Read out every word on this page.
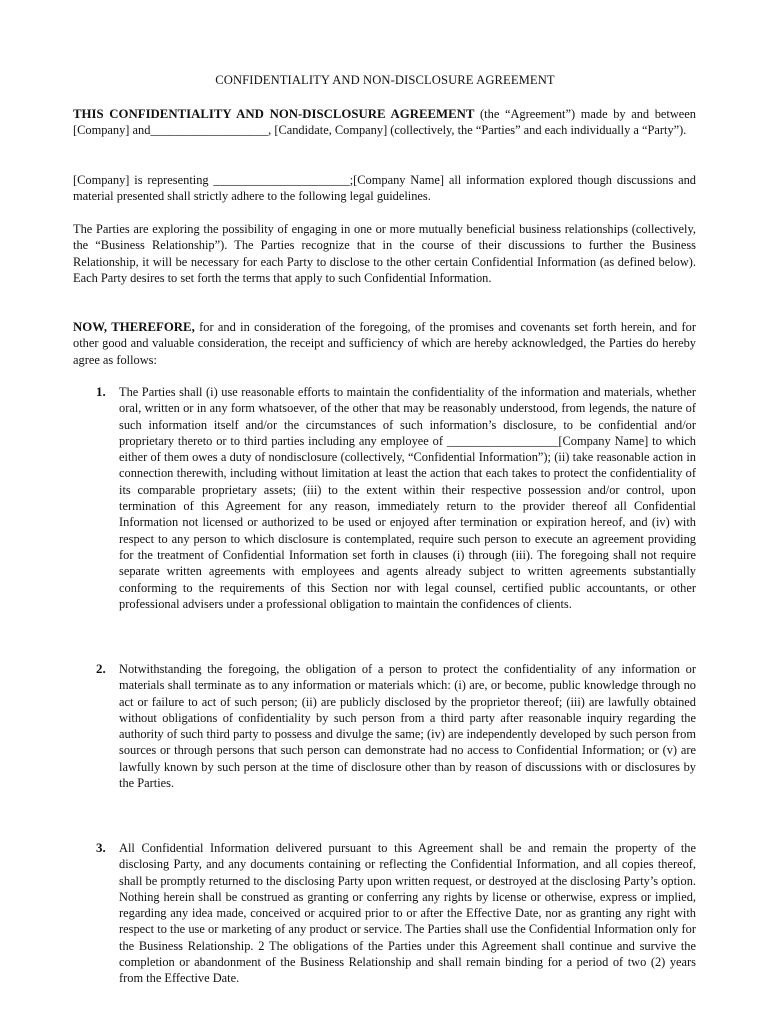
CONFIDENTIALITY AND NON-DISCLOSURE AGREEMENT

THIS CONFIDENTIALITY AND NON-DISCLOSURE AGREEMENT (the “Agreement”) made by and between [Company] and___________________, [Candidate, Company] (collectively, the “Parties” and each individually a “Party”).

[Company] is representing ______________________;[Company Name] all information explored though discussions and material presented shall strictly adhere to the following legal guidelines.

The Parties are exploring the possibility of engaging in one or more mutually beneficial business relationships (collectively, the “Business Relationship”). The Parties recognize that in the course of their discussions to further the Business Relationship, it will be necessary for each Party to disclose to the other certain Confidential Information (as defined below). Each Party desires to set forth the terms that apply to such Confidential Information.

NOW, THEREFORE, for and in consideration of the foregoing, of the promises and covenants set forth herein, and for other good and valuable consideration, the receipt and sufficiency of which are hereby acknowledged, the Parties do hereby agree as follows:

1. The Parties shall (i) use reasonable efforts to maintain the confidentiality of the information and materials, whether oral, written or in any form whatsoever, of the other that may be reasonably understood, from legends, the nature of such information itself and/or the circumstances of such information’s disclosure, to be confidential and/or proprietary thereto or to third parties including any employee of __________________[Company Name] to which either of them owes a duty of nondisclosure (collectively, “Confidential Information”); (ii) take reasonable action in connection therewith, including without limitation at least the action that each takes to protect the confidentiality of its comparable proprietary assets; (iii) to the extent within their respective possession and/or control, upon termination of this Agreement for any reason, immediately return to the provider thereof all Confidential Information not licensed or authorized to be used or enjoyed after termination or expiration hereof, and (iv) with respect to any person to which disclosure is contemplated, require such person to execute an agreement providing for the treatment of Confidential Information set forth in clauses (i) through (iii). The foregoing shall not require separate written agreements with employees and agents already subject to written agreements substantially conforming to the requirements of this Section nor with legal counsel, certified public accountants, or other professional advisers under a professional obligation to maintain the confidences of clients.
2. Notwithstanding the foregoing, the obligation of a person to protect the confidentiality of any information or materials shall terminate as to any information or materials which: (i) are, or become, public knowledge through no act or failure to act of such person; (ii) are publicly disclosed by the proprietor thereof; (iii) are lawfully obtained without obligations of confidentiality by such person from a third party after reasonable inquiry regarding the authority of such third party to possess and divulge the same; (iv) are independently developed by such person from sources or through persons that such person can demonstrate had no access to Confidential Information; or (v) are lawfully known by such person at the time of disclosure other than by reason of discussions with or disclosures by the Parties.
3. All Confidential Information delivered pursuant to this Agreement shall be and remain the property of the disclosing Party, and any documents containing or reflecting the Confidential Information, and all copies thereof, shall be promptly returned to the disclosing Party upon written request, or destroyed at the disclosing Party’s option. Nothing herein shall be construed as granting or conferring any rights by license or otherwise, express or implied, regarding any idea made, conceived or acquired prior to or after the Effective Date, nor as granting any right with respect to the use or marketing of any product or service. The Parties shall use the Confidential Information only for the Business Relationship. 2 The obligations of the Parties under this Agreement shall continue and survive the completion or abandonment of the Business Relationship and shall remain binding for a period of two (2) years from the Effective Date.
